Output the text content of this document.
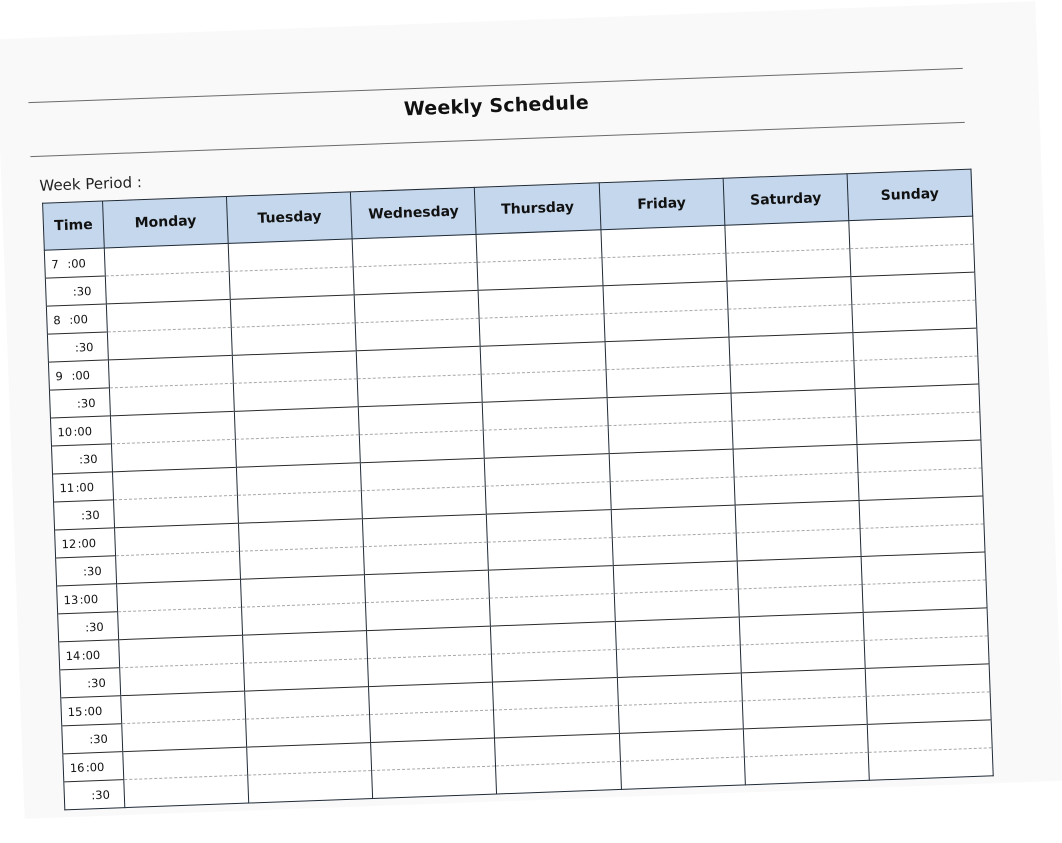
Weekly Schedule
Week Period :
Time	Monday	Tuesday	Wednesday	Thursday	Friday	Saturday	Sunday
7 :00							
:30							
8 :00							
:30							
9 :00							
:30							
10:00							
:30							
11:00							
:30							
12:00							
:30							
13:00							
:30							
14:00							
:30							
15:00							
:30							
16:00							
:30							
